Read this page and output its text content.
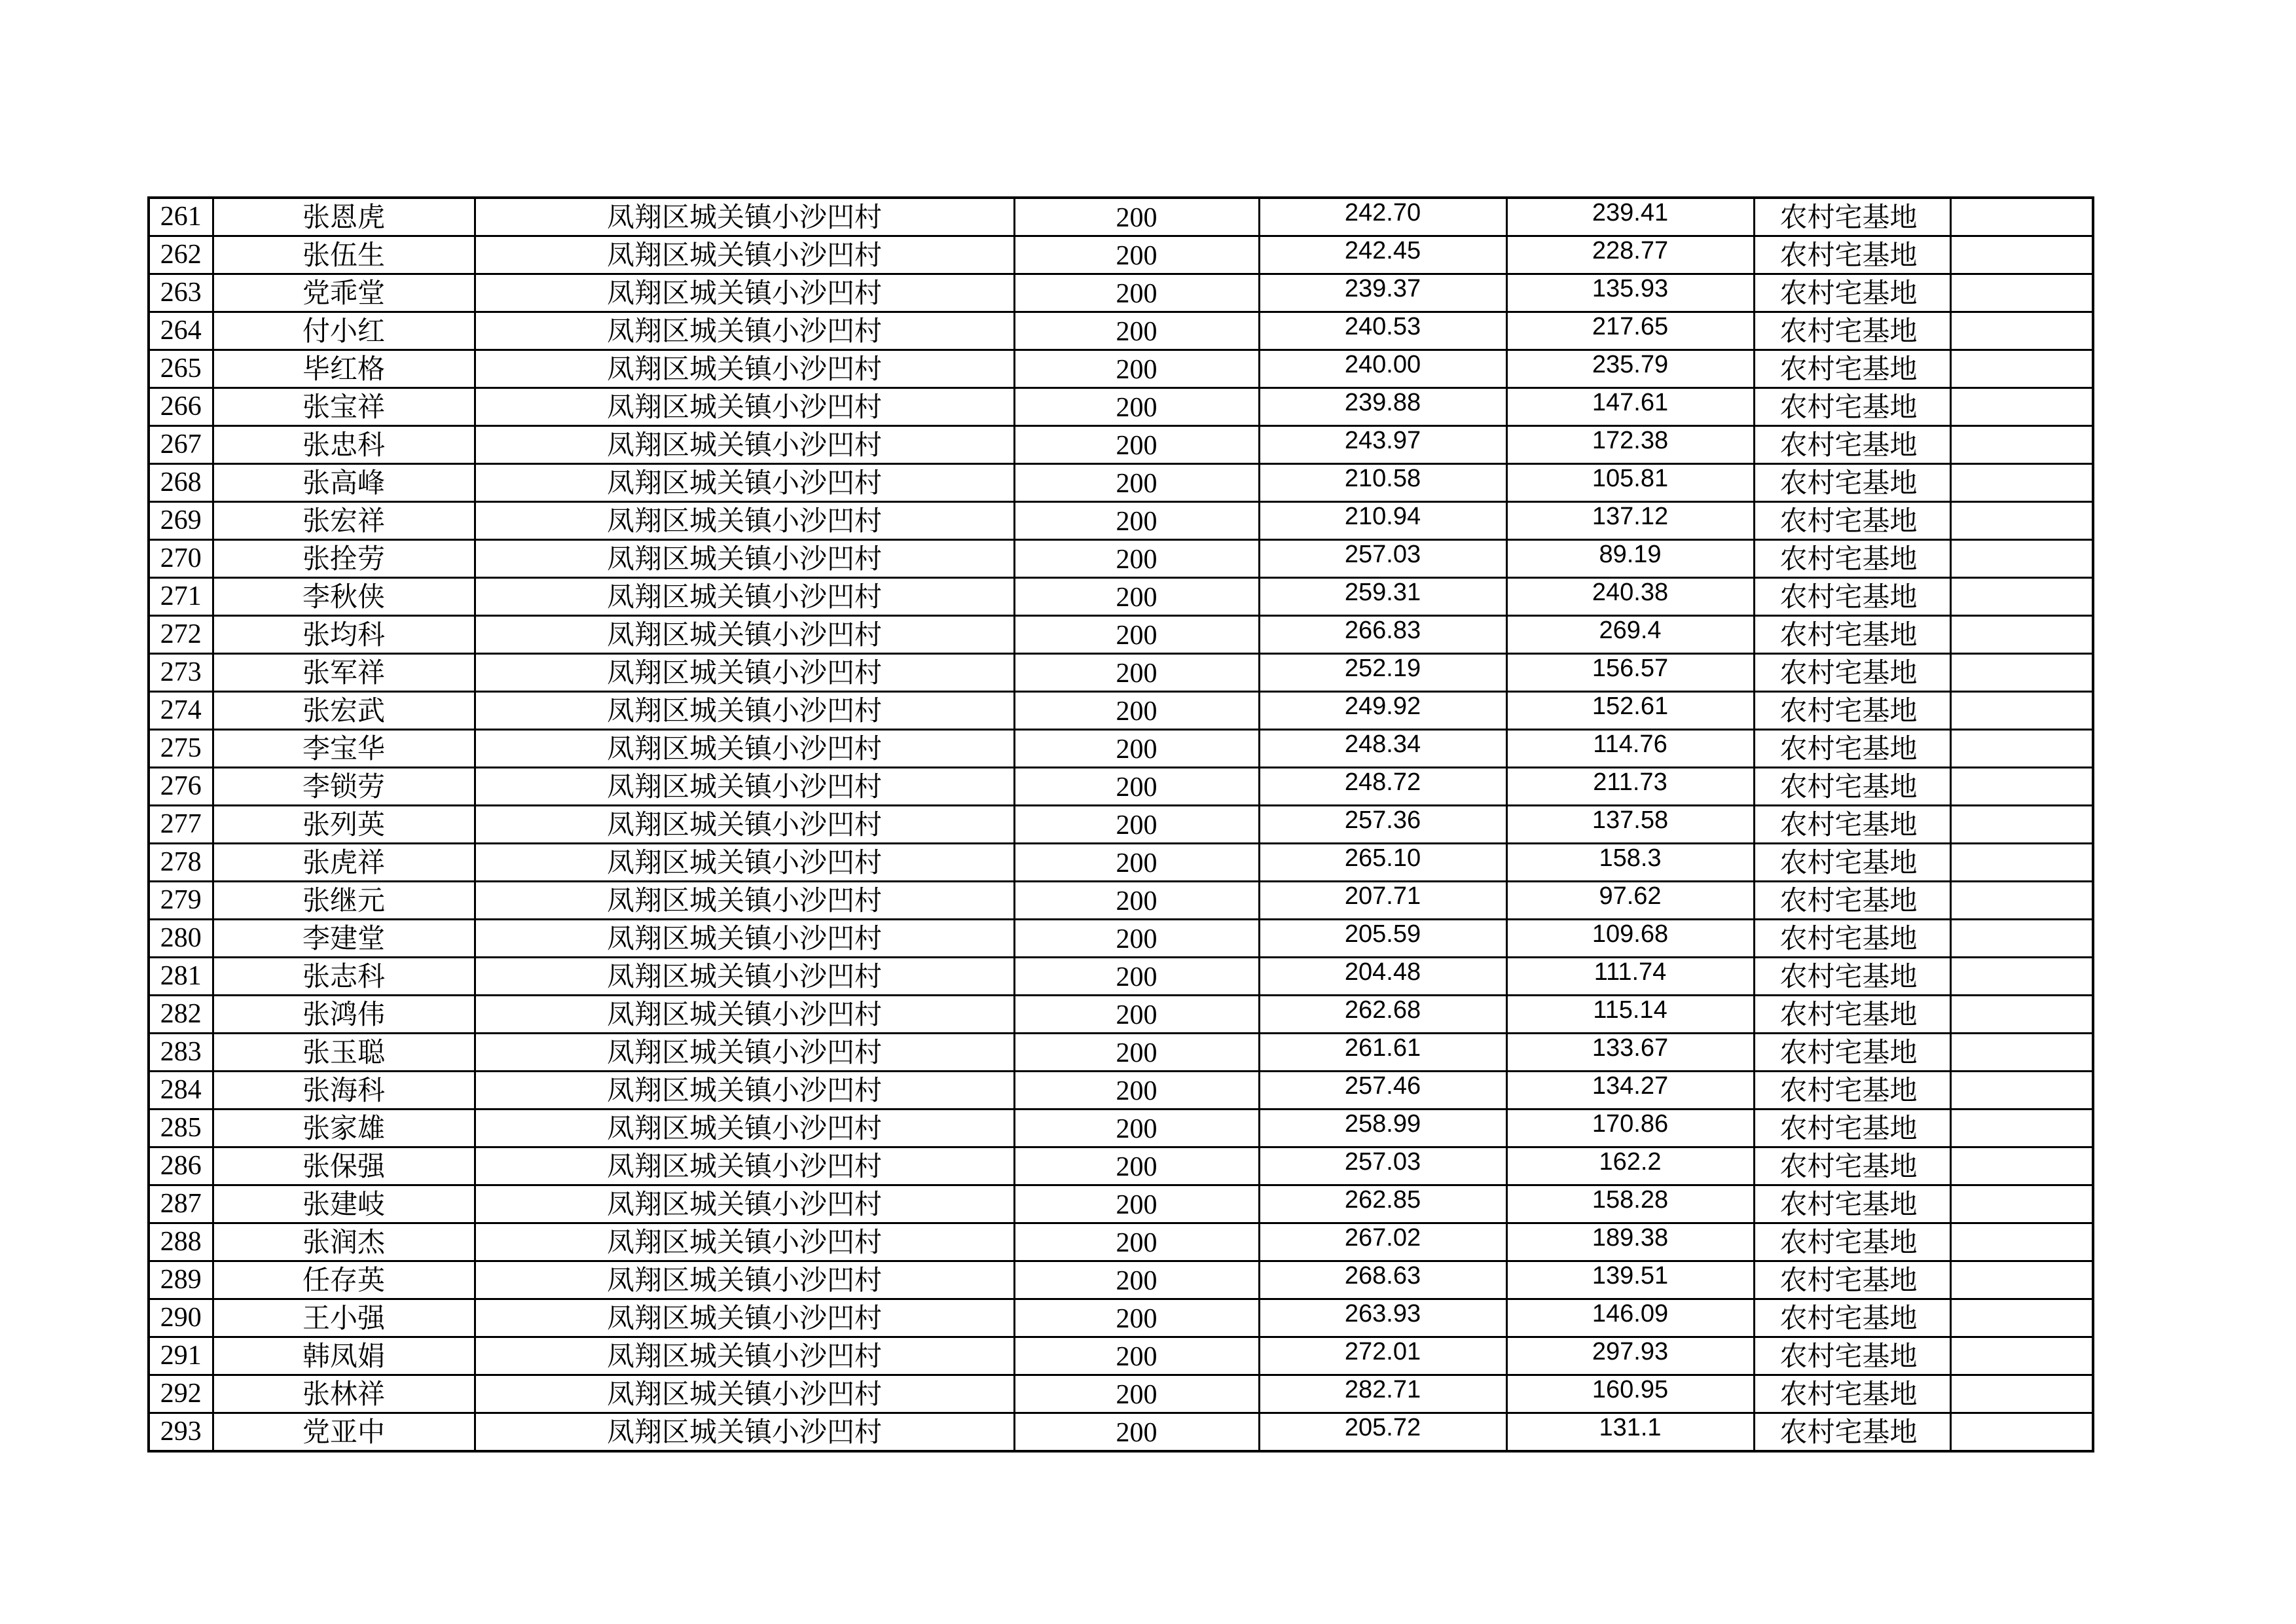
261	张恩虎	凤翔区城关镇小沙凹村	200	242.70	239.41	农村宅基地	
262	张伍生	凤翔区城关镇小沙凹村	200	242.45	228.77	农村宅基地	
263	党乖堂	凤翔区城关镇小沙凹村	200	239.37	135.93	农村宅基地	
264	付小红	凤翔区城关镇小沙凹村	200	240.53	217.65	农村宅基地	
265	毕红格	凤翔区城关镇小沙凹村	200	240.00	235.79	农村宅基地	
266	张宝祥	凤翔区城关镇小沙凹村	200	239.88	147.61	农村宅基地	
267	张忠科	凤翔区城关镇小沙凹村	200	243.97	172.38	农村宅基地	
268	张高峰	凤翔区城关镇小沙凹村	200	210.58	105.81	农村宅基地	
269	张宏祥	凤翔区城关镇小沙凹村	200	210.94	137.12	农村宅基地	
270	张拴劳	凤翔区城关镇小沙凹村	200	257.03	89.19	农村宅基地	
271	李秋侠	凤翔区城关镇小沙凹村	200	259.31	240.38	农村宅基地	
272	张均科	凤翔区城关镇小沙凹村	200	266.83	269.4	农村宅基地	
273	张军祥	凤翔区城关镇小沙凹村	200	252.19	156.57	农村宅基地	
274	张宏武	凤翔区城关镇小沙凹村	200	249.92	152.61	农村宅基地	
275	李宝华	凤翔区城关镇小沙凹村	200	248.34	114.76	农村宅基地	
276	李锁劳	凤翔区城关镇小沙凹村	200	248.72	211.73	农村宅基地	
277	张列英	凤翔区城关镇小沙凹村	200	257.36	137.58	农村宅基地	
278	张虎祥	凤翔区城关镇小沙凹村	200	265.10	158.3	农村宅基地	
279	张继元	凤翔区城关镇小沙凹村	200	207.71	97.62	农村宅基地	
280	李建堂	凤翔区城关镇小沙凹村	200	205.59	109.68	农村宅基地	
281	张志科	凤翔区城关镇小沙凹村	200	204.48	111.74	农村宅基地	
282	张鸿伟	凤翔区城关镇小沙凹村	200	262.68	115.14	农村宅基地	
283	张玉聪	凤翔区城关镇小沙凹村	200	261.61	133.67	农村宅基地	
284	张海科	凤翔区城关镇小沙凹村	200	257.46	134.27	农村宅基地	
285	张家雄	凤翔区城关镇小沙凹村	200	258.99	170.86	农村宅基地	
286	张保强	凤翔区城关镇小沙凹村	200	257.03	162.2	农村宅基地	
287	张建岐	凤翔区城关镇小沙凹村	200	262.85	158.28	农村宅基地	
288	张润杰	凤翔区城关镇小沙凹村	200	267.02	189.38	农村宅基地	
289	任存英	凤翔区城关镇小沙凹村	200	268.63	139.51	农村宅基地	
290	王小强	凤翔区城关镇小沙凹村	200	263.93	146.09	农村宅基地	
291	韩凤娟	凤翔区城关镇小沙凹村	200	272.01	297.93	农村宅基地	
292	张林祥	凤翔区城关镇小沙凹村	200	282.71	160.95	农村宅基地	
293	党亚中	凤翔区城关镇小沙凹村	200	205.72	131.1	农村宅基地	
